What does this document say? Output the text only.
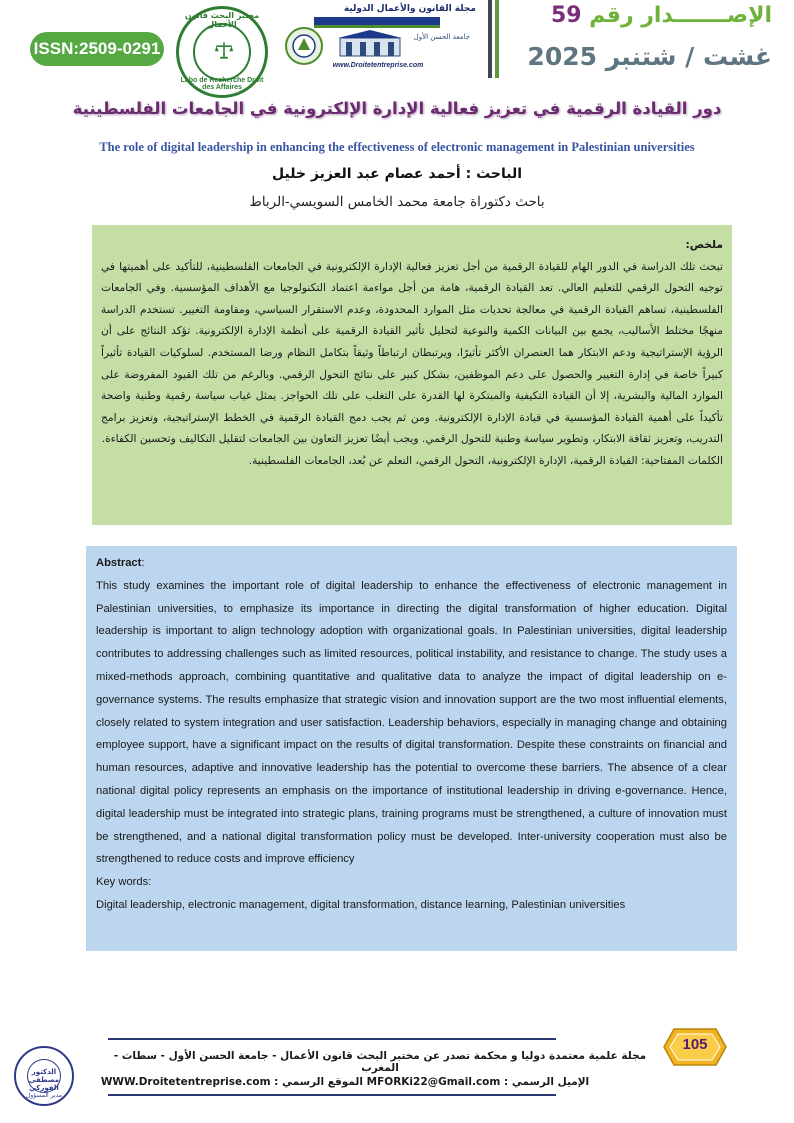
ISSN:2509-0291
مختبر البحث قانون الأعمال
Labo de Recherche Droit des Affaires
مجلة القانون والأعمال الدولية
جامعة الحسن الأول
www.Droitetentreprise.com
الإصـــــــدار رقم 59
غشت / شتنبر 2025
دور القيادة الرقمية في تعزيز فعالية الإدارة الإلكترونية في الجامعات الفلسطينية
The role of digital leadership in enhancing the effectiveness of electronic management in Palestinian universities
الباحث : أحمد عصام عبد العزيز خليل
باحث دكتوراة جامعة محمد الخامس السويسي-الرباط
ملخص:
تبحث تلك الدراسة في الدور الهام للقيادة الرقمية من أجل تعزيز فعالية الإدارة الإلكترونية في الجامعات الفلسطينية، للتأكيد على أهميتها في توجيه التحول الرقمي للتعليم العالي. تعد القيادة الرقمية، هامة من أجل مواءمة اعتماد التكنولوجيا مع الأهداف المؤسسية. وفي الجامعات الفلسطينية، تساهم القيادة الرقمية في معالجة تحديات مثل الموارد المحدودة، وعدم الاستقرار السياسي، ومقاومة التغيير. تستخدم الدراسة منهجًا مختلط الأساليب، يجمع بين البيانات الكمية والنوعية لتحليل تأثير القيادة الرقمية على أنظمة الإدارة الإلكترونية. تؤكد النتائج على أن الرؤية الإستراتيجية ودعم الابتكار هما العنصران الأكثر تأثيرًا، ويرتبطان ارتباطاً وثيقاً بتكامل النظام ورضا المستخدم. لسلوكيات القيادة تأثيراً كبيراً خاصة في إدارة التغيير والحصول على دعم الموظفين، بشكل كبير على نتائج التحول الرقمي. وبالرغم من تلك القيود المفروضة على الموارد المالية والبشرية، إلا أن القيادة التكيفية والمبتكرة لها القدرة على التغلب على تلك الحواجز. يمثل غياب سياسة رقمية وطنية واضحة تأكيداً على أهمية القيادة المؤسسية في قيادة الإدارة الإلكترونية. ومن ثم يجب دمج القيادة الرقمية في الخطط الإستراتيجية، وتعزيز برامج التدريب، وتعزيز ثقافة الابتكار، وتطوير سياسة وطنية للتحول الرقمي. ويجب أيضًا تعزيز التعاون بين الجامعات لتقليل التكاليف وتحسين الكفاءة.
الكلمات المفتاحية: القيادة الرقمية، الإدارة الإلكترونية، التحول الرقمي، التعلم عن بُعد، الجامعات الفلسطينية.
Abstract:
This study examines the important role of digital leadership to enhance the effectiveness of electronic management in Palestinian universities, to emphasize its importance in directing the digital transformation of higher education. Digital leadership is important to align technology adoption with organizational goals. In Palestinian universities, digital leadership contributes to addressing challenges such as limited resources, political instability, and resistance to change. The study uses a mixed-methods approach, combining quantitative and qualitative data to analyze the impact of digital leadership on e-governance systems. The results emphasize that strategic vision and innovation support are the two most influential elements, closely related to system integration and user satisfaction. Leadership behaviors, especially in managing change and obtaining employee support, have a significant impact on the results of digital transformation. Despite these constraints on financial and human resources, adaptive and innovative leadership has the potential to overcome these barriers. The absence of a clear national digital policy represents an emphasis on the importance of institutional leadership in driving e-governance. Hence, digital leadership must be integrated into strategic plans, training programs must be strengthened, a culture of innovation must be strengthened, and a national digital transformation policy must be developed. Inter-university cooperation must also be strengthened to reduce costs and improve efficiency
Key words:
Digital leadership, electronic management, digital transformation, distance learning, Palestinian universities
105
مجلة علمية معتمدة دوليا و محكمة تصدر عن مختبر البحث قانون الأعمال - جامعة الحسن الأول - سطات - المغرب
الإميل الرسمي : MFORKi22@Gmail.com الموقع الرسمي : WWW.Droitetentreprise.com
الدكتور مصطفى الفوركي
مدير المسؤول
